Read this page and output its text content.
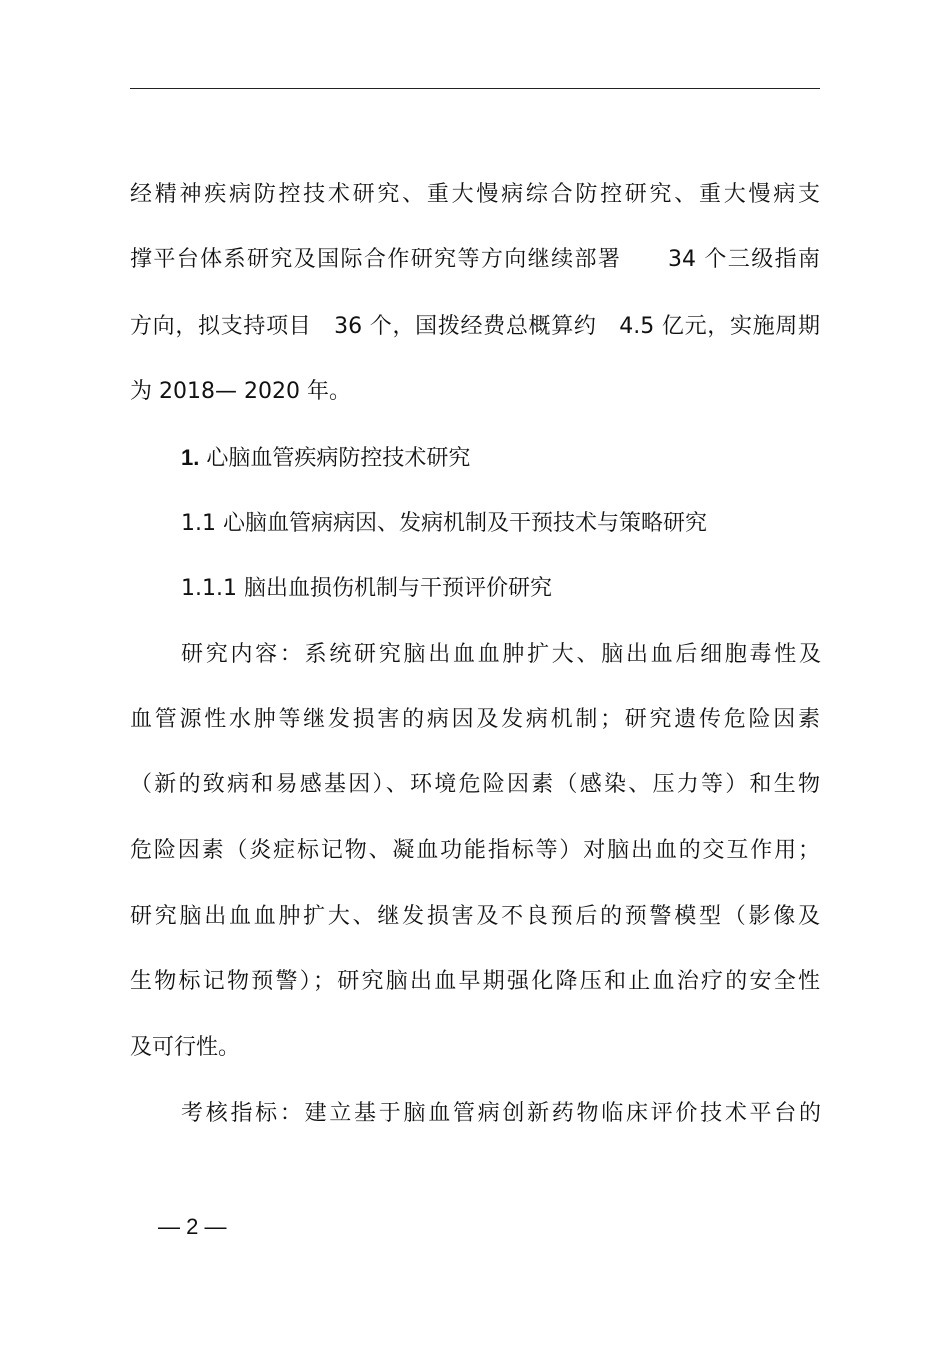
经精神疾病防控技术研究、重大慢病综合防控研究、重大慢病支
撑平台体系研究及国际合作研究等方向继续部署　　34 个三级指南
方向，拟支持项目　36 个，国拨经费总概算约　4.5 亿元，实施周期
为 2018— 2020 年。
1. 心脑血管疾病防控技术研究
1.1 心脑血管病病因、发病机制及干预技术与策略研究
1.1.1 脑出血损伤机制与干预评价研究
研究内容：系统研究脑出血血肿扩大、脑出血后细胞毒性及
血管源性水肿等继发损害的病因及发病机制；研究遗传危险因素
（新的致病和易感基因）、环境危险因素（感染、压力等）和生物
危险因素（炎症标记物、凝血功能指标等）对脑出血的交互作用；
研究脑出血血肿扩大、继发损害及不良预后的预警模型（影像及
生物标记物预警）；研究脑出血早期强化降压和止血治疗的安全性
及可行性。
考核指标：建立基于脑血管病创新药物临床评价技术平台的
— 2 —
